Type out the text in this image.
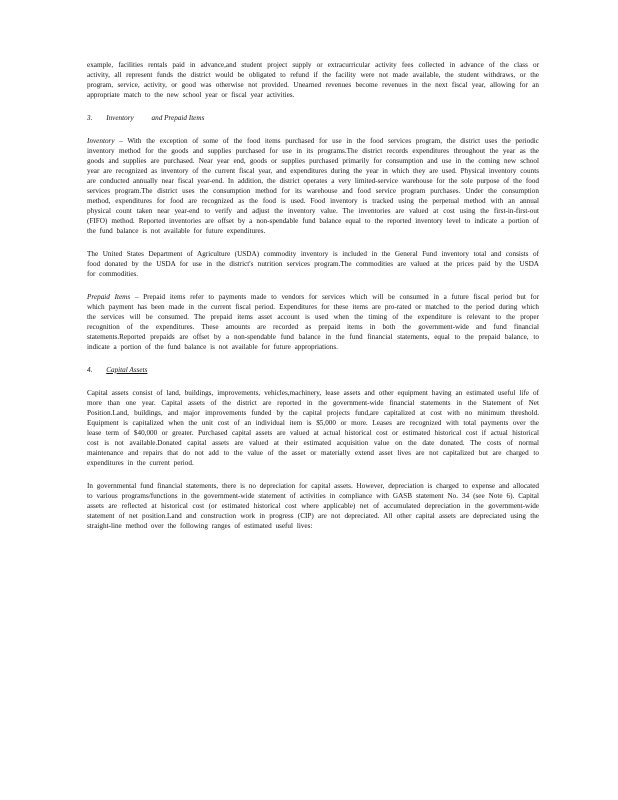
example, facilities rentals paid in advance,and student project supply or extracurricular activity fees collected in advance of the class or activity, all represent funds the district would be obligated to refund if the facility were not made available, the student withdraws, or the program, service, activity, or good was otherwise not provided. Unearned revenues become revenues in the next fiscal year, allowing for an appropriate match to the new school year or fiscal year activities.

3. Inventory and Prepaid Items

Inventory – With the exception of some of the food items purchased for use in the food services program, the district uses the periodic inventory method for the goods and supplies purchased for use in its programs.The district records expenditures throughout the year as the goods and supplies are purchased. Near year end, goods or supplies purchased primarily for consumption and use in the coming new school year are recognized as inventory of the current fiscal year, and expenditures during the year in which they are used. Physical inventory counts are conducted annually near fiscal year-end. In addition, the district operates a very limited-service warehouse for the sole purpose of the food services program.The district uses the consumption method for its warehouse and food service program purchases. Under the consumption method, expenditures for food are recognized as the food is used. Food inventory is tracked using the perpetual method with an annual physical count taken near year-end to verify and adjust the inventory value. The inventories are valued at cost using the first-in-first-out (FIFO) method. Reported inventories are offset by a non-spendable fund balance equal to the reported inventory level to indicate a portion of the fund balance is not available for future expenditures.

The United States Department of Agriculture (USDA) commodity inventory is included in the General Fund inventory total and consists of food donated by the USDA for use in the district's nutrition services program.The commodities are valued at the prices paid by the USDA for commodities.

Prepaid Items – Prepaid items refer to payments made to vendors for services which will be consumed in a future fiscal period but for which payment has been made in the current fiscal period. Expenditures for these items are pro-rated or matched to the period during which the services will be consumed. The prepaid items asset account is used when the timing of the expenditure is relevant to the proper recognition of the expenditures. These amounts are recorded as prepaid items in both the government-wide and fund financial statements.Reported prepaids are offset by a non-spendable fund balance in the fund financial statements, equal to the prepaid balance, to indicate a portion of the fund balance is not available for future appropriations.

4. Capital Assets

Capital assets consist of land, buildings, improvements, vehicles,machinery, lease assets and other equipment having an estimated useful life of more than one year. Capital assets of the district are reported in the government-wide financial statements in the Statement of Net Position.Land, buildings, and major improvements funded by the capital projects fund,are capitalized at cost with no minimum threshold. Equipment is capitalized when the unit cost of an individual item is $5,000 or more. Leases are recognized with total payments over the lease term of $40,000 or greater. Purchased capital assets are valued at actual historical cost or estimated historical cost if actual historical cost is not available.Donated capital assets are valued at their estimated acquisition value on the date donated. The costs of normal maintenance and repairs that do not add to the value of the asset or materially extend asset lives are not capitalized but are charged to expenditures in the current period.

In governmental fund financial statements, there is no depreciation for capital assets. However, depreciation is charged to expense and allocated to various programs/functions in the government-wide statement of activities in compliance with GASB statement No. 34 (see Note 6). Capital assets are reflected at historical cost (or estimated historical cost where applicable) net of accumulated depreciation in the government-wide statement of net position.Land and construction work in progress (CIP) are not depreciated. All other capital assets are depreciated using the straight-line method over the following ranges of estimated useful lives:
